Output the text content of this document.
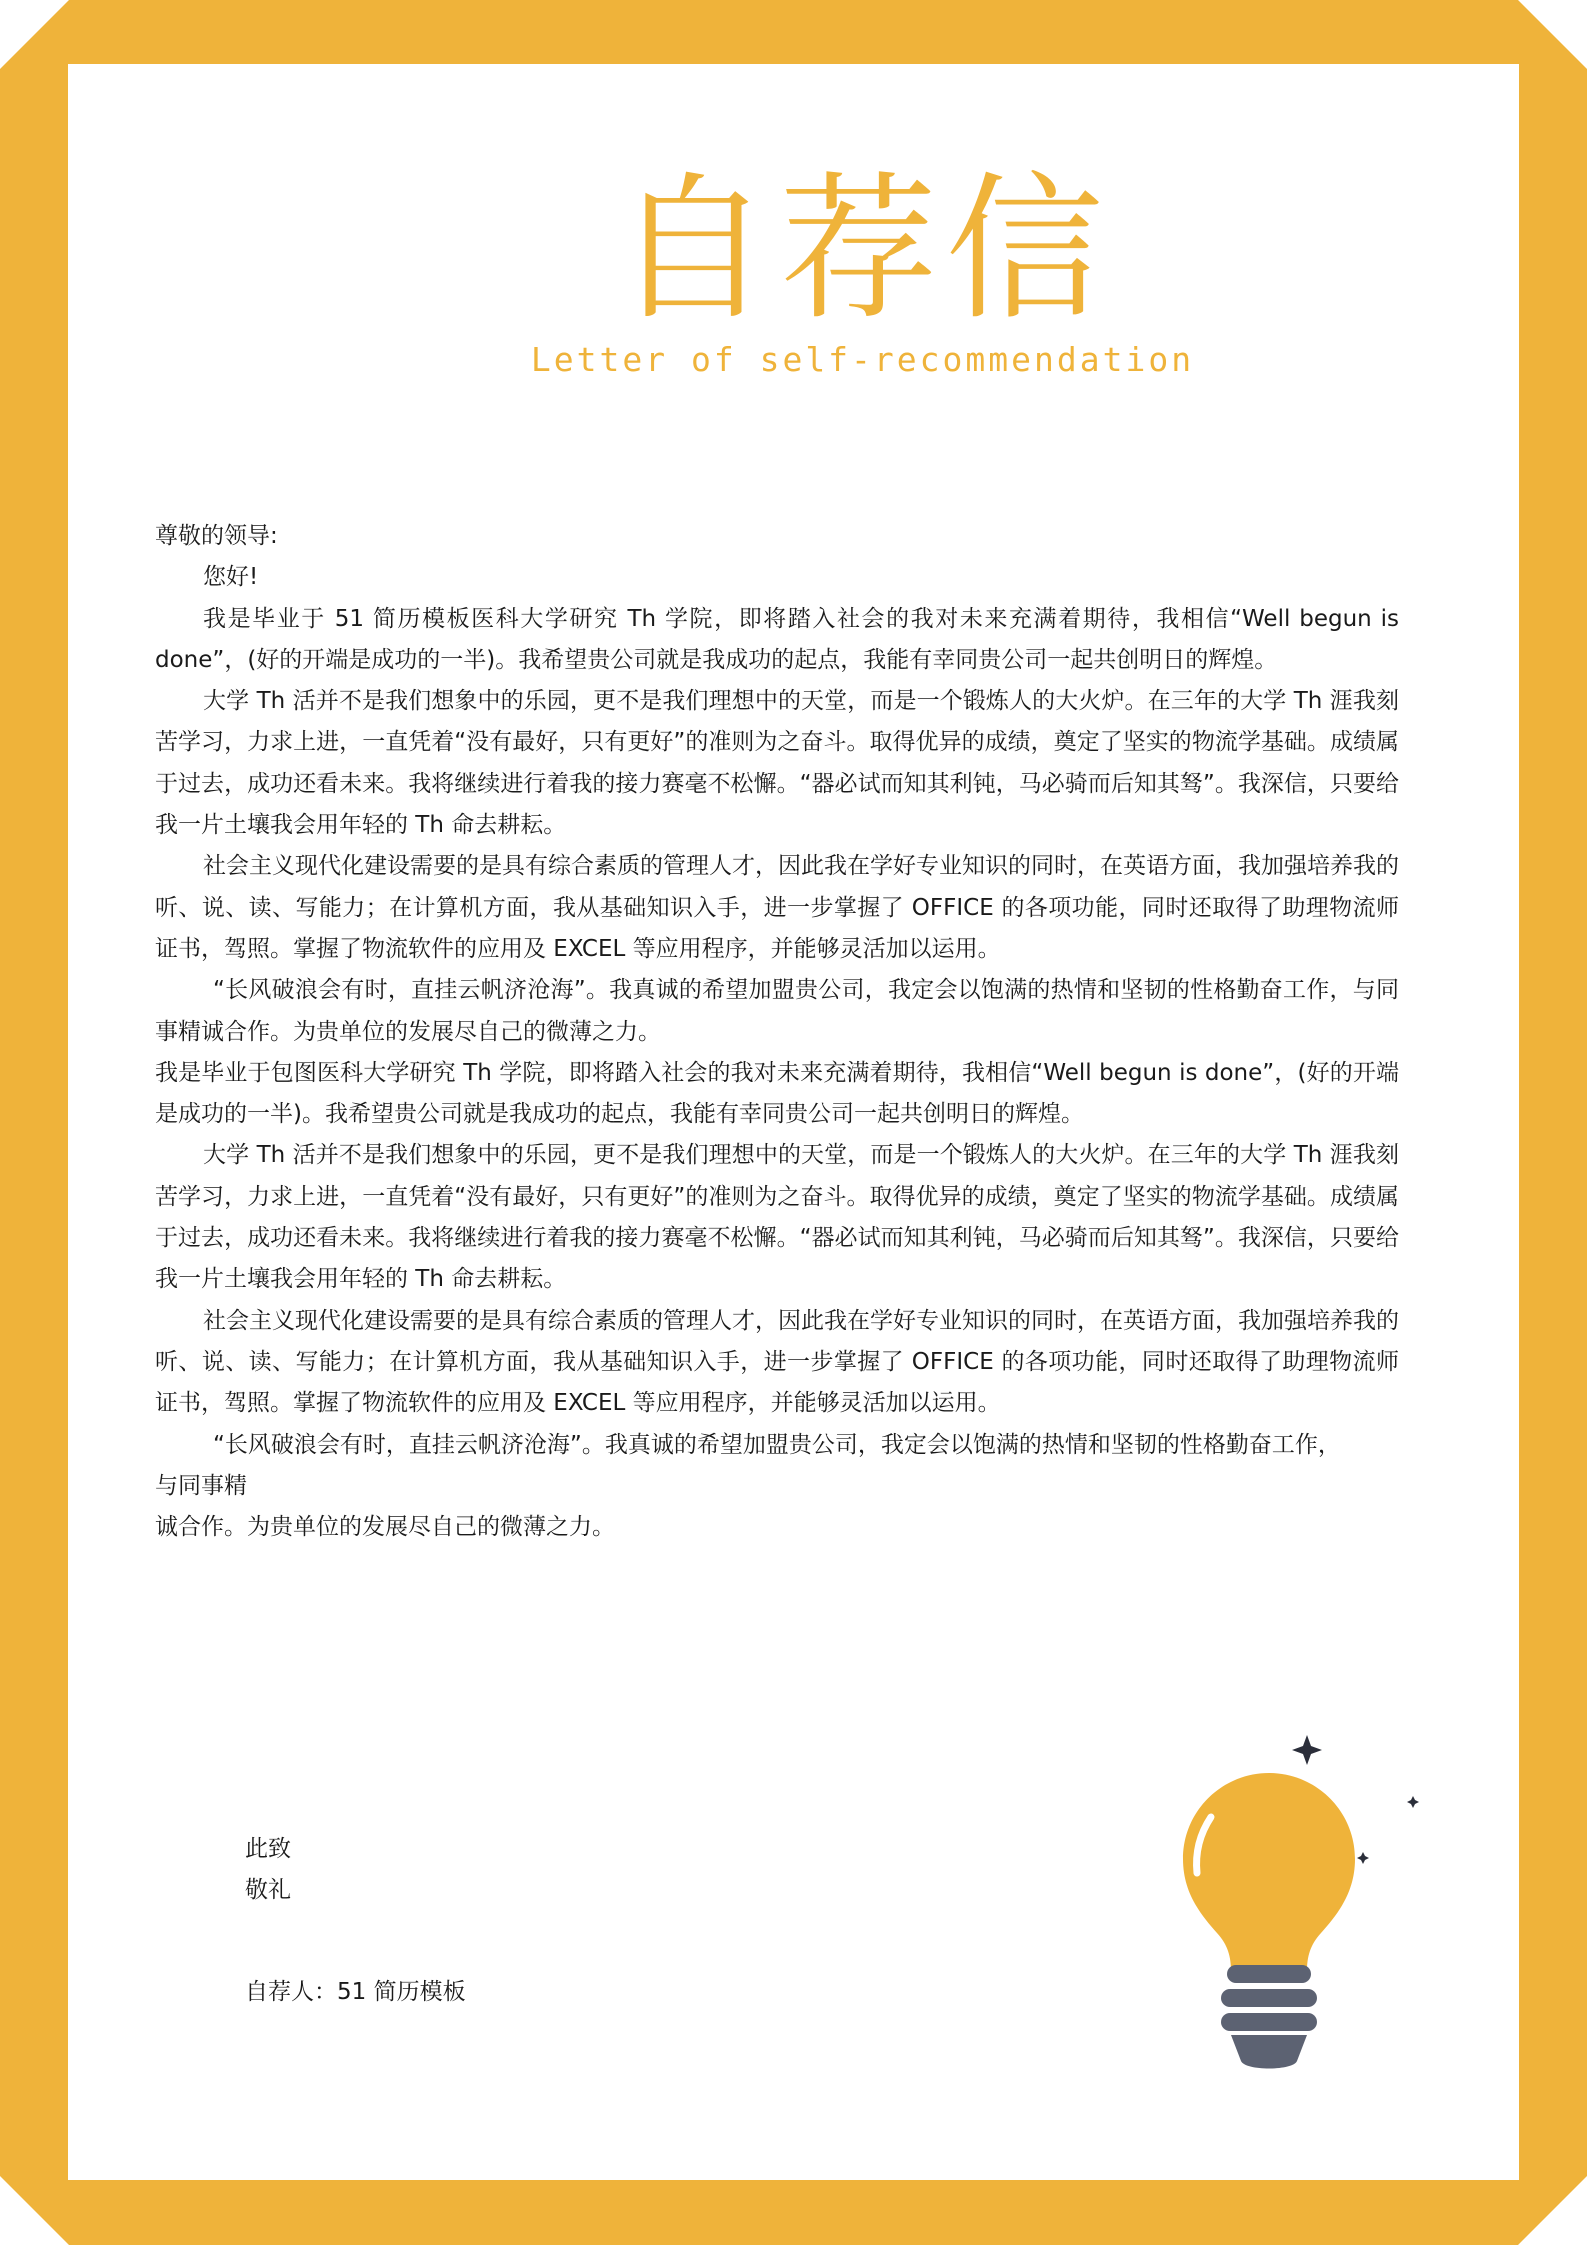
自荐信
Letter of self-recommendation

尊敬的领导:

您好!

我是毕业于 51 简历模板医科大学研究 Th 学院，即将踏入社会的我对未来充满着期待，我相信“Well begun is done”，(好的开端是成功的一半)。我希望贵公司就是我成功的起点，我能有幸同贵公司一起共创明日的辉煌。

大学 Th 活并不是我们想象中的乐园，更不是我们理想中的天堂，而是一个锻炼人的大火炉。在三年的大学 Th 涯我刻苦学习，力求上进，一直凭着“没有最好，只有更好”的准则为之奋斗。取得优异的成绩，奠定了坚实的物流学基础。成绩属于过去，成功还看未来。我将继续进行着我的接力赛毫不松懈。“器必试而知其利钝，马必骑而后知其驽”。我深信，只要给我一片土壤我会用年轻的 Th 命去耕耘。

社会主义现代化建设需要的是具有综合素质的管理人才，因此我在学好专业知识的同时，在英语方面，我加强培养我的听、说、读、写能力；在计算机方面，我从基础知识入手，进一步掌握了 OFFICE 的各项功能，同时还取得了助理物流师证书，驾照。掌握了物流软件的应用及 EXCEL 等应用程序，并能够灵活加以运用。

“长风破浪会有时，直挂云帆济沧海”。我真诚的希望加盟贵公司，我定会以饱满的热情和坚韧的性格勤奋工作，与同事精诚合作。为贵单位的发展尽自己的微薄之力。

我是毕业于包图医科大学研究 Th 学院，即将踏入社会的我对未来充满着期待，我相信“Well begun is done”，(好的开端是成功的一半)。我希望贵公司就是我成功的起点，我能有幸同贵公司一起共创明日的辉煌。

大学 Th 活并不是我们想象中的乐园，更不是我们理想中的天堂，而是一个锻炼人的大火炉。在三年的大学 Th 涯我刻苦学习，力求上进，一直凭着“没有最好，只有更好”的准则为之奋斗。取得优异的成绩，奠定了坚实的物流学基础。成绩属于过去，成功还看未来。我将继续进行着我的接力赛毫不松懈。“器必试而知其利钝，马必骑而后知其驽”。我深信，只要给我一片土壤我会用年轻的 Th 命去耕耘。

社会主义现代化建设需要的是具有综合素质的管理人才，因此我在学好专业知识的同时，在英语方面，我加强培养我的听、说、读、写能力；在计算机方面，我从基础知识入手，进一步掌握了 OFFICE 的各项功能，同时还取得了助理物流师证书，驾照。掌握了物流软件的应用及 EXCEL 等应用程序，并能够灵活加以运用。

“长风破浪会有时，直挂云帆济沧海”。我真诚的希望加盟贵公司，我定会以饱满的热情和坚韧的性格勤奋工作，

与同事精

诚合作。为贵单位的发展尽自己的微薄之力。

此致
敬礼
自荐人：51 简历模板
